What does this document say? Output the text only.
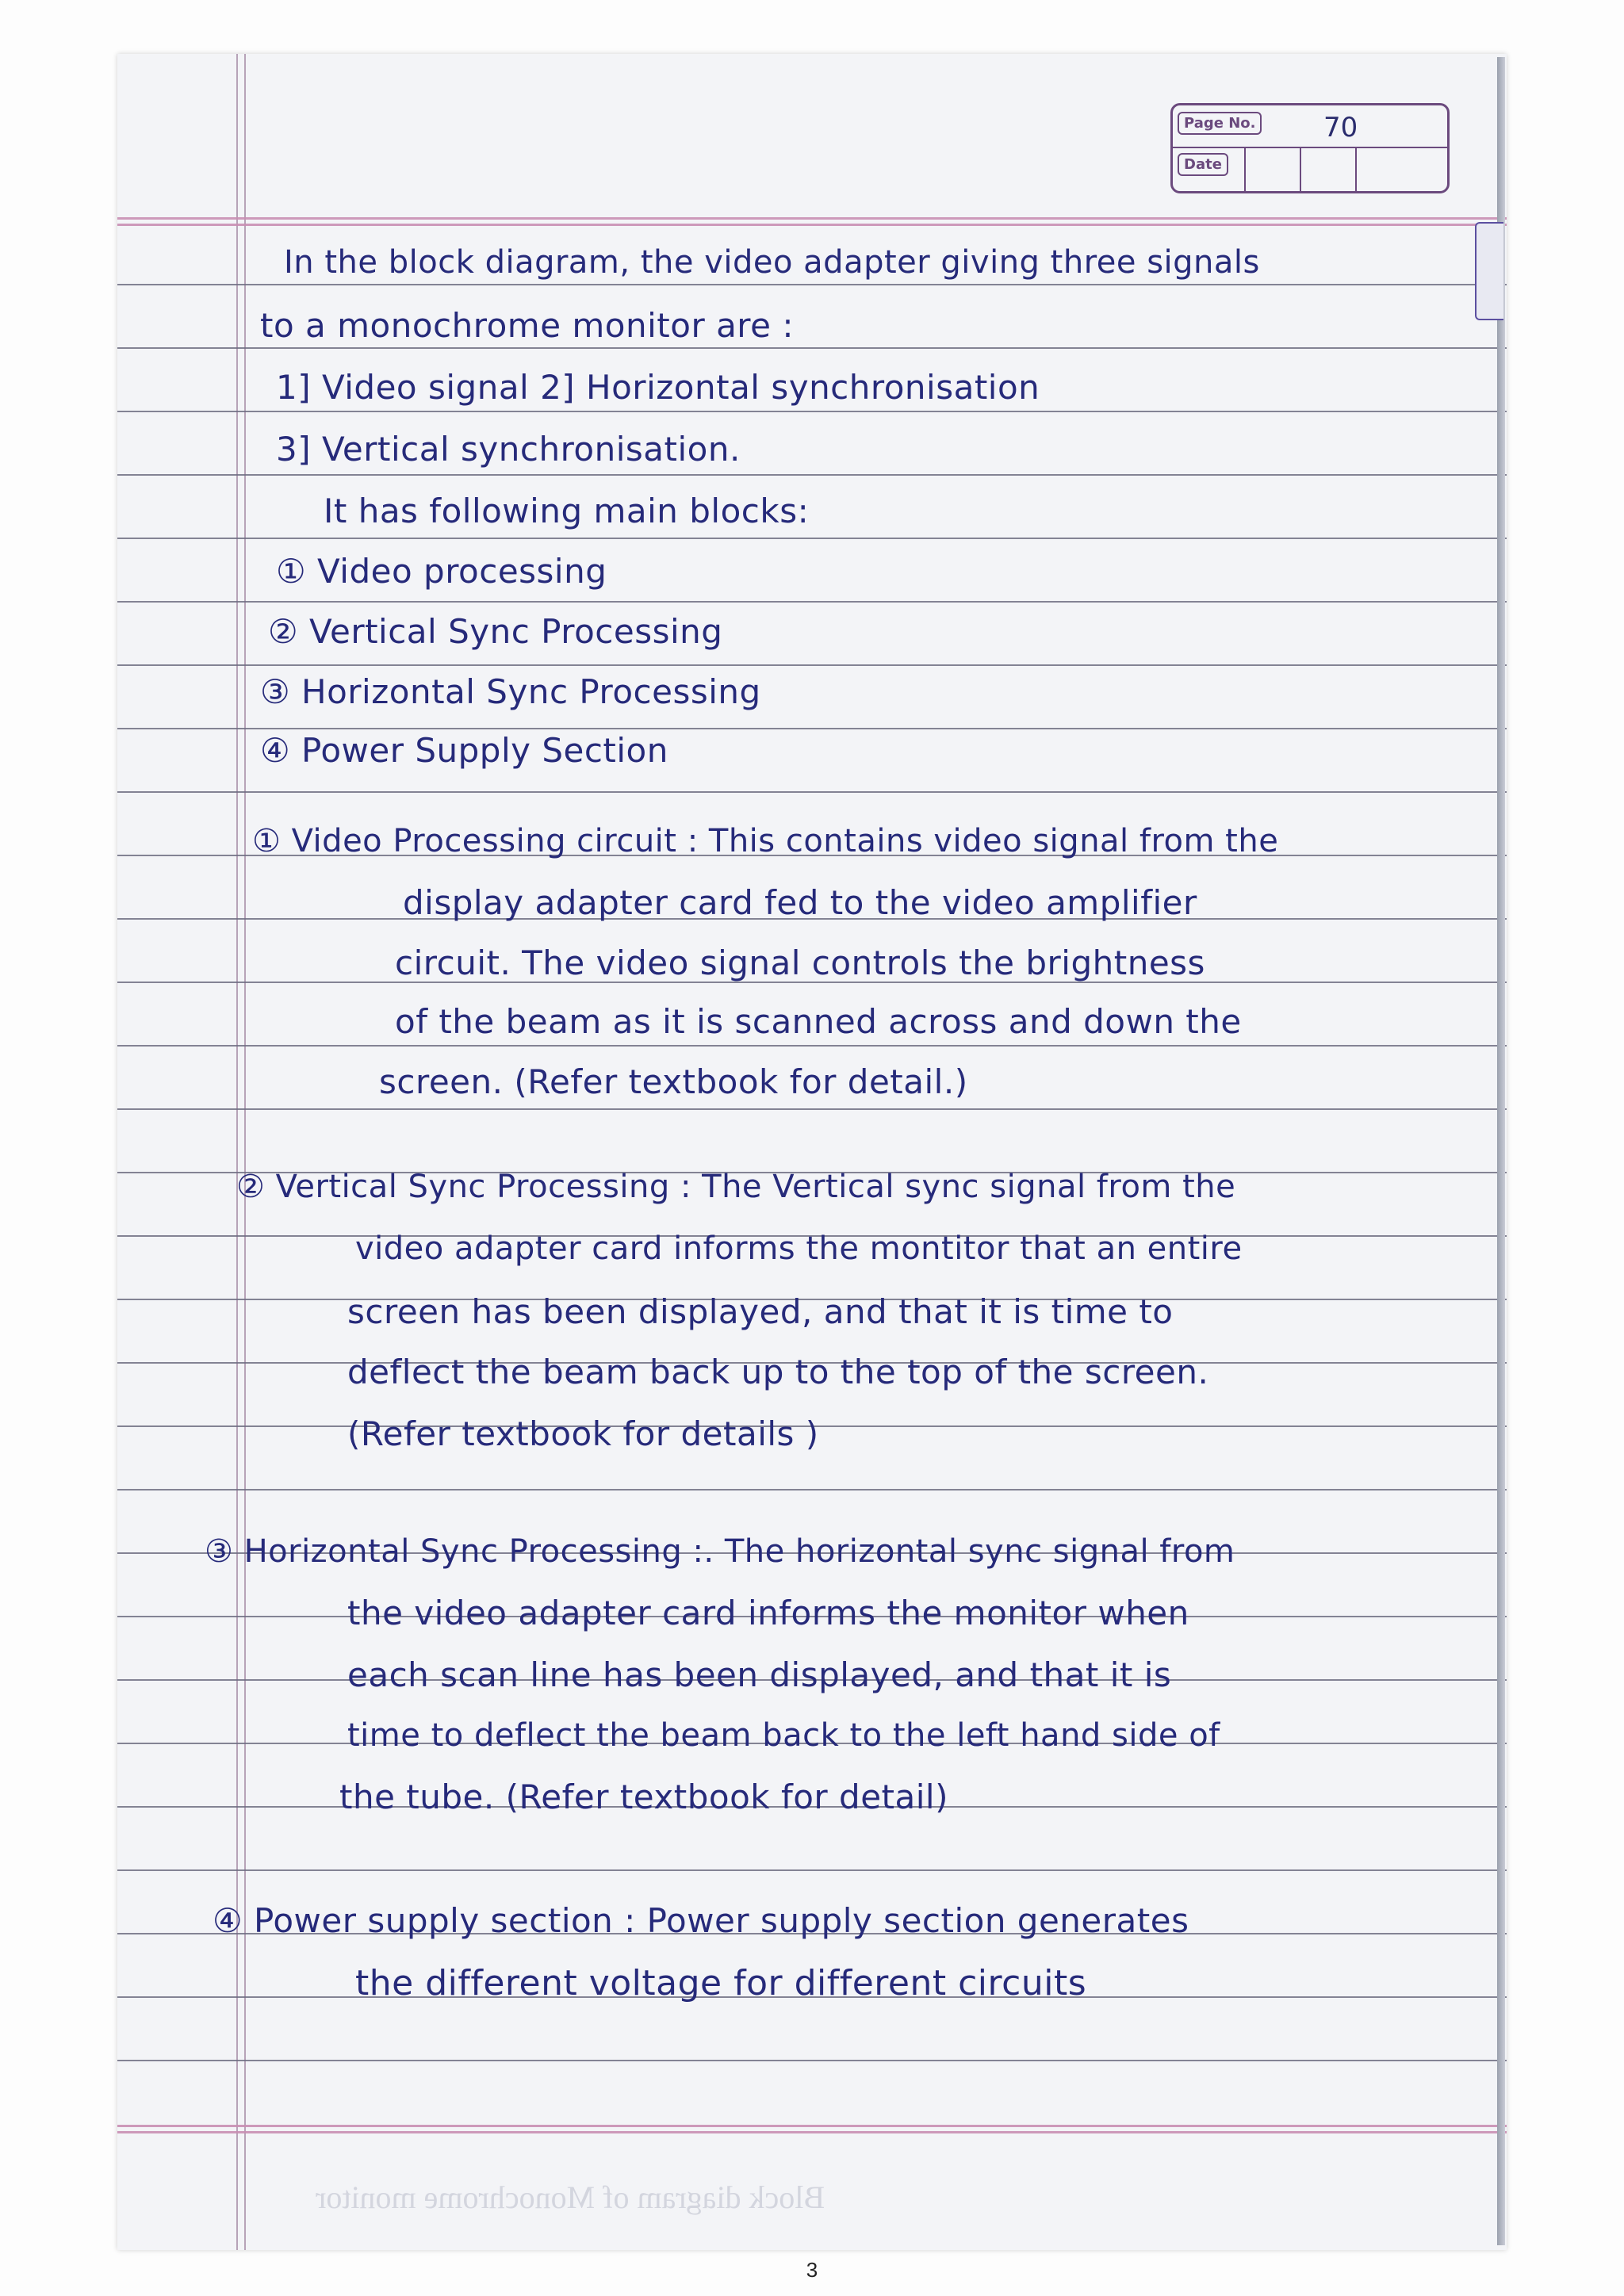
Page No.	70
Date
Block diagram of Monochrome monitor
In the block diagram, the video adapter giving three signals
to a monochrome monitor are :
1] Video signal 2] Horizontal synchronisation
3] Vertical synchronisation.
It has following main blocks:
① Video processing
② Vertical Sync Processing
③ Horizontal Sync Processing
④ Power Supply Section
① Video Processing circuit : This contains video signal from the
display adapter card fed to the video amplifier
circuit. The video signal controls the brightness
of the beam as it is scanned across and down the
screen. (Refer textbook for detail.)
② Vertical Sync Processing : The Vertical sync signal from the
video adapter card informs the montitor that an entire
screen has been displayed, and that it is time to
deflect the beam back up to the top of the screen.
(Refer textbook for details )
③ Horizontal Sync Processing :. The horizontal sync signal from
the video adapter card informs the monitor when
each scan line has been displayed, and that it is
time to deflect the beam back to the left hand side of
the tube. (Refer textbook for detail)
④ Power supply section : Power supply section generates
the different voltage for different circuits
3
